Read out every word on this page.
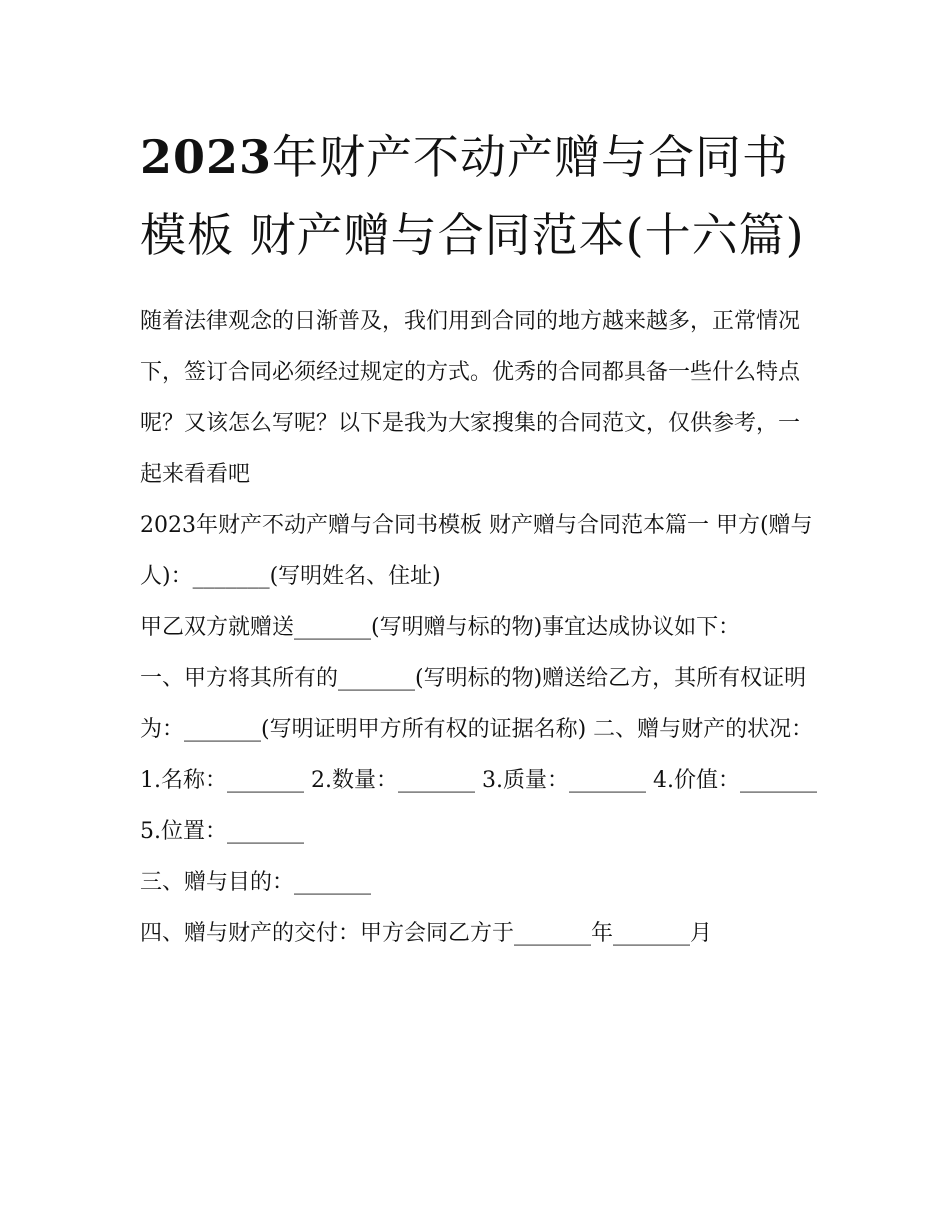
2023年财产不动产赠与合同书模板 财产赠与合同范本(十六篇)

随着法律观念的日渐普及，我们用到合同的地方越来越多，正常情况下，签订合同必须经过规定的方式。优秀的合同都具备一些什么特点呢？又该怎么写呢？以下是我为大家搜集的合同范文，仅供参考，一起来看看吧

2023年财产不动产赠与合同书模板 财产赠与合同范本篇一 甲方(赠与人)：_______(写明姓名、住址)

甲乙双方就赠送_______(写明赠与标的物)事宜达成协议如下：

一、甲方将其所有的_______(写明标的物)赠送给乙方，其所有权证明为：_______(写明证明甲方所有权的证据名称) 二、赠与财产的状况：

1.名称：_______ 2.数量：_______ 3.质量：_______ 4.价值：_______ 5.位置：_______

三、赠与目的：_______

四、赠与财产的交付：甲方会同乙方于_______年_______月
